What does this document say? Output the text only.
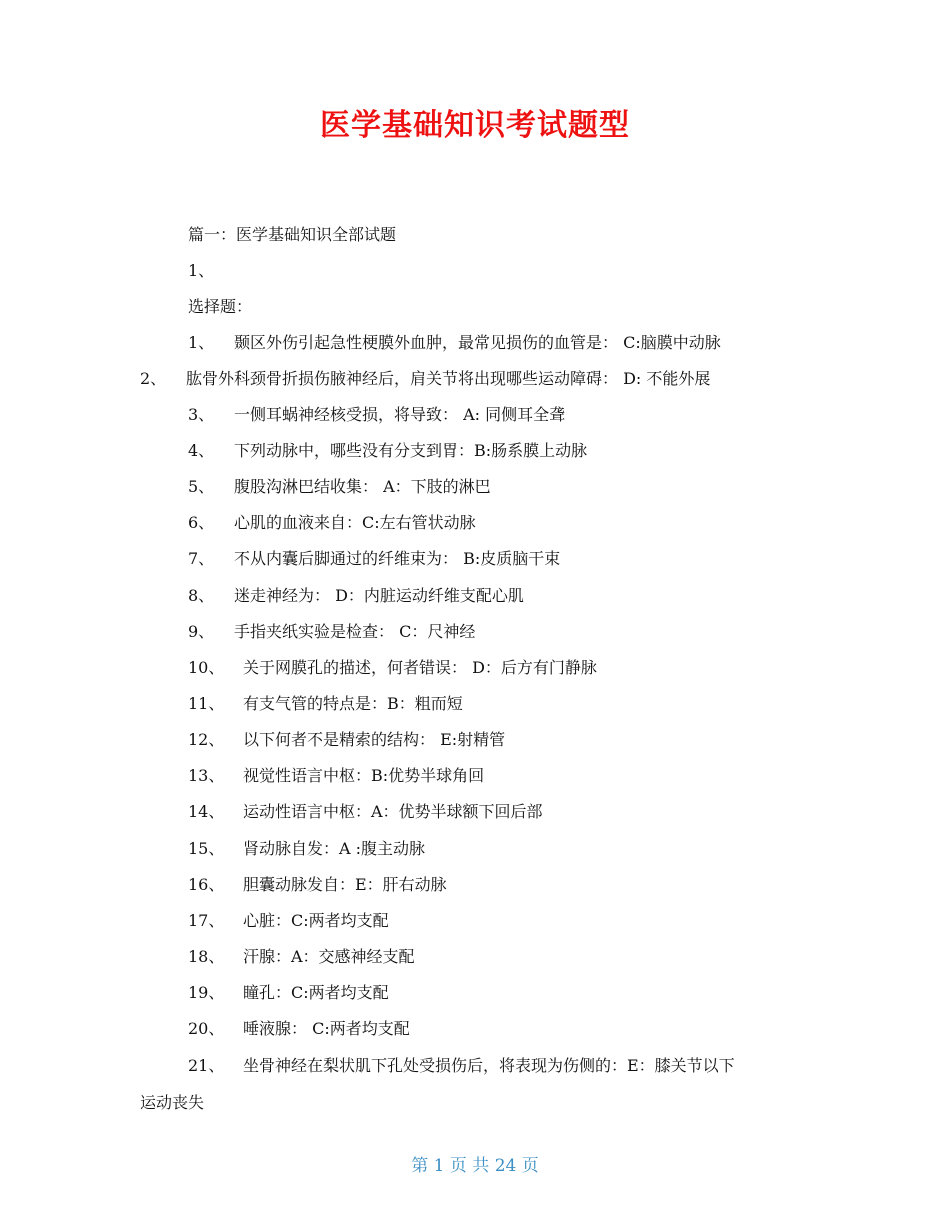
医学基础知识考试题型
篇一：医学基础知识全部试题
1、
选择题：
1、 颞区外伤引起急性梗膜外血肿，最常见损伤的血管是： C:脑膜中动脉
2、 肱骨外科颈骨折损伤腋神经后，肩关节将出现哪些运动障碍： D: 不能外展
3、 一侧耳蜗神经核受损，将导致： A: 同侧耳全聋
4、 下列动脉中，哪些没有分支到胃：B:肠系膜上动脉
5、 腹股沟淋巴结收集： A：下肢的淋巴
6、 心肌的血液来自：C:左右管状动脉
7、 不从内囊后脚通过的纤维束为： B:皮质脑干束
8、 迷走神经为： D：内脏运动纤维支配心肌
9、 手指夹纸实验是检查： C：尺神经
10、 关于网膜孔的描述，何者错误： D：后方有门静脉
11、 有支气管的特点是：B：粗而短
12、 以下何者不是精索的结构： E:射精管
13、 视觉性语言中枢：B:优势半球角回
14、 运动性语言中枢：A：优势半球额下回后部
15、 肾动脉自发：A :腹主动脉
16、 胆囊动脉发自：E：肝右动脉
17、 心脏：C:两者均支配
18、 汗腺：A：交感神经支配
19、 瞳孔：C:两者均支配
20、 唾液腺： C:两者均支配
21、 坐骨神经在梨状肌下孔处受损伤后，将表现为伤侧的：E：膝关节以下
运动丧失
第 1 页 共 24 页
